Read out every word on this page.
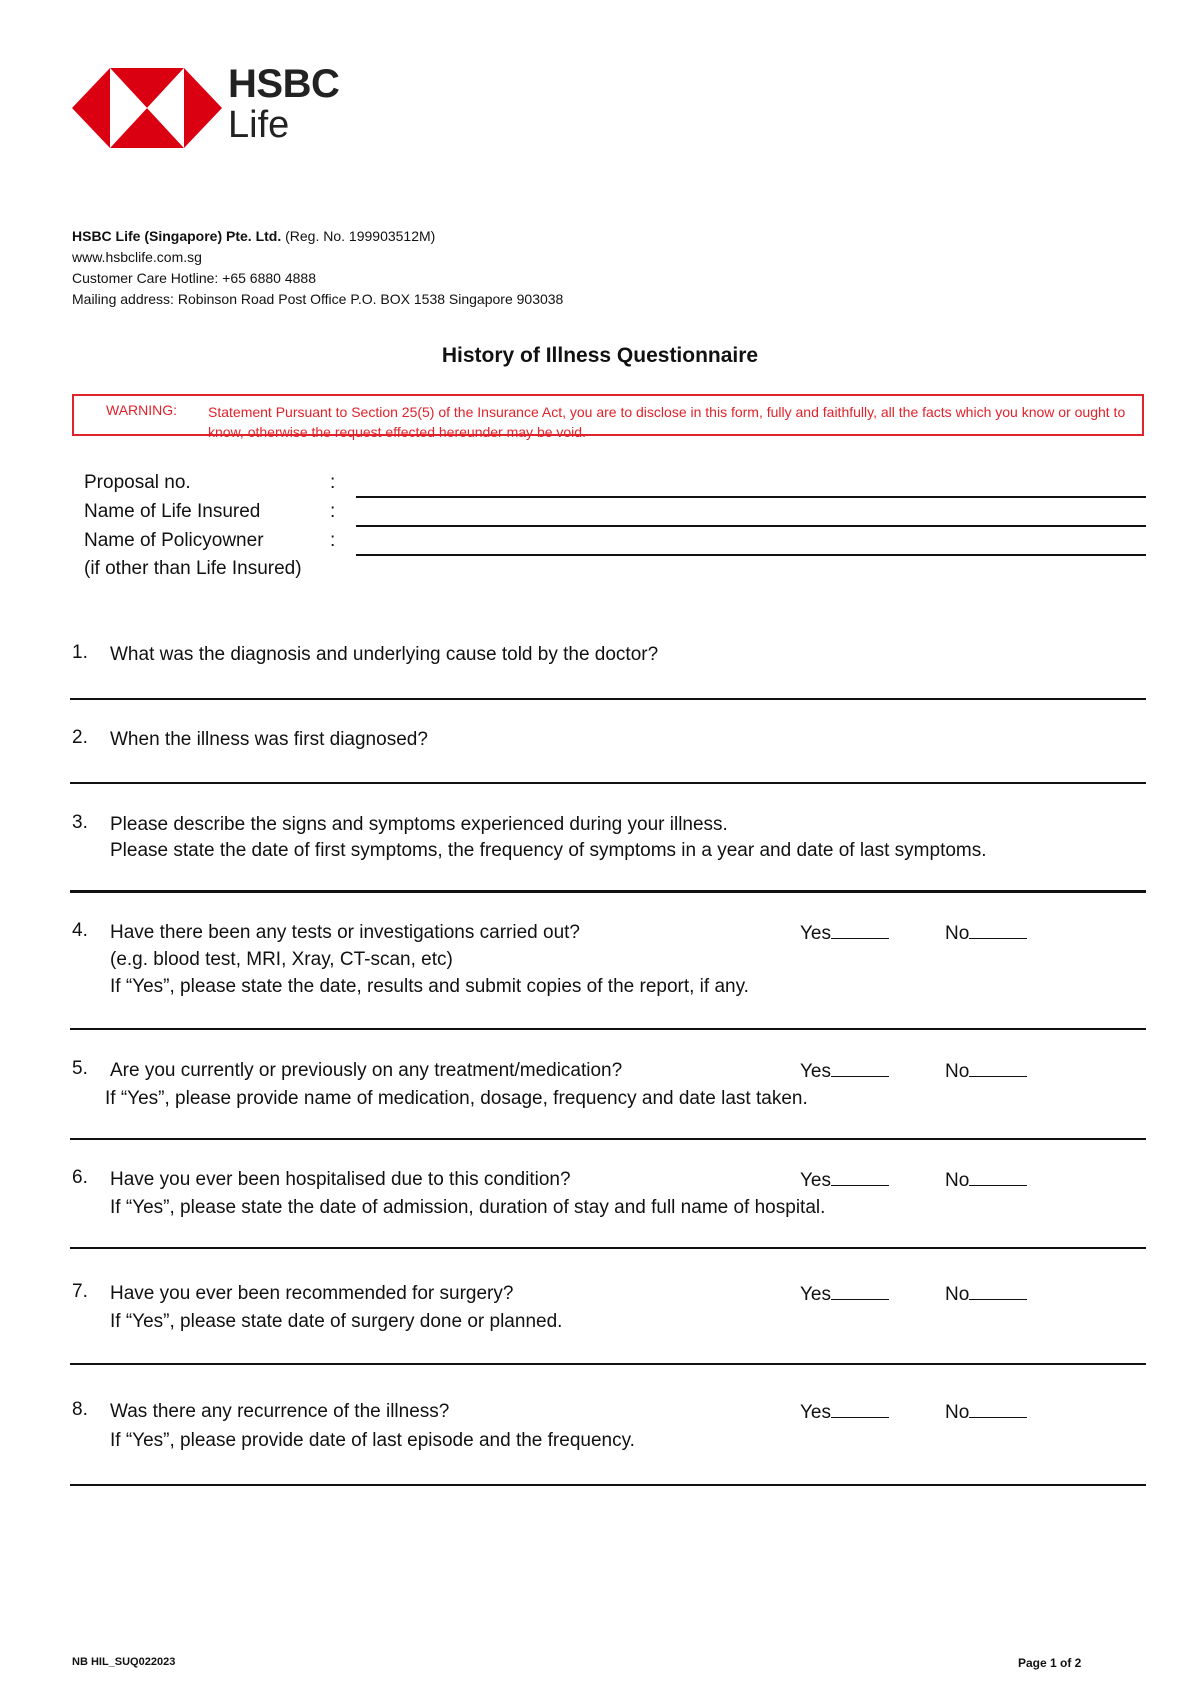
HSBC
Life
HSBC Life (Singapore) Pte. Ltd. (Reg. No. 199903512M)
www.hsbclife.com.sg
Customer Care Hotline: +65 6880 4888
Mailing address: Robinson Road Post Office P.O. BOX 1538 Singapore 903038
History of Illness Questionnaire
WARNING: Statement Pursuant to Section 25(5) of the Insurance Act, you are to disclose in this form, fully and faithfully, all the facts which you know or ought to know, otherwise the request effected hereunder may be void.
Proposal no.	:
Name of Life Insured	:
Name of Policyowner	:
(if other than Life Insured)
1. What was the diagnosis and underlying cause told by the doctor?
2. When the illness was first diagnosed?
3. Please describe the signs and symptoms experienced during your illness.
Please state the date of first symptoms, the frequency of symptoms in a year and date of last symptoms.
4. Have there been any tests or investigations carried out?
(e.g. blood test, MRI, Xray, CT-scan, etc)
If “Yes”, please state the date, results and submit copies of the report, if any.
Yes	No
5. Are you currently or previously on any treatment/medication?
If “Yes”, please provide name of medication, dosage, frequency and date last taken.
Yes	No
6. Have you ever been hospitalised due to this condition?
If “Yes”, please state the date of admission, duration of stay and full name of hospital.
Yes	No
7. Have you ever been recommended for surgery?
If “Yes”, please state date of surgery done or planned.
Yes	No
8. Was there any recurrence of the illness?
If “Yes”, please provide date of last episode and the frequency.
Yes	No
NB HIL_SUQ022023	Page 1 of 2
